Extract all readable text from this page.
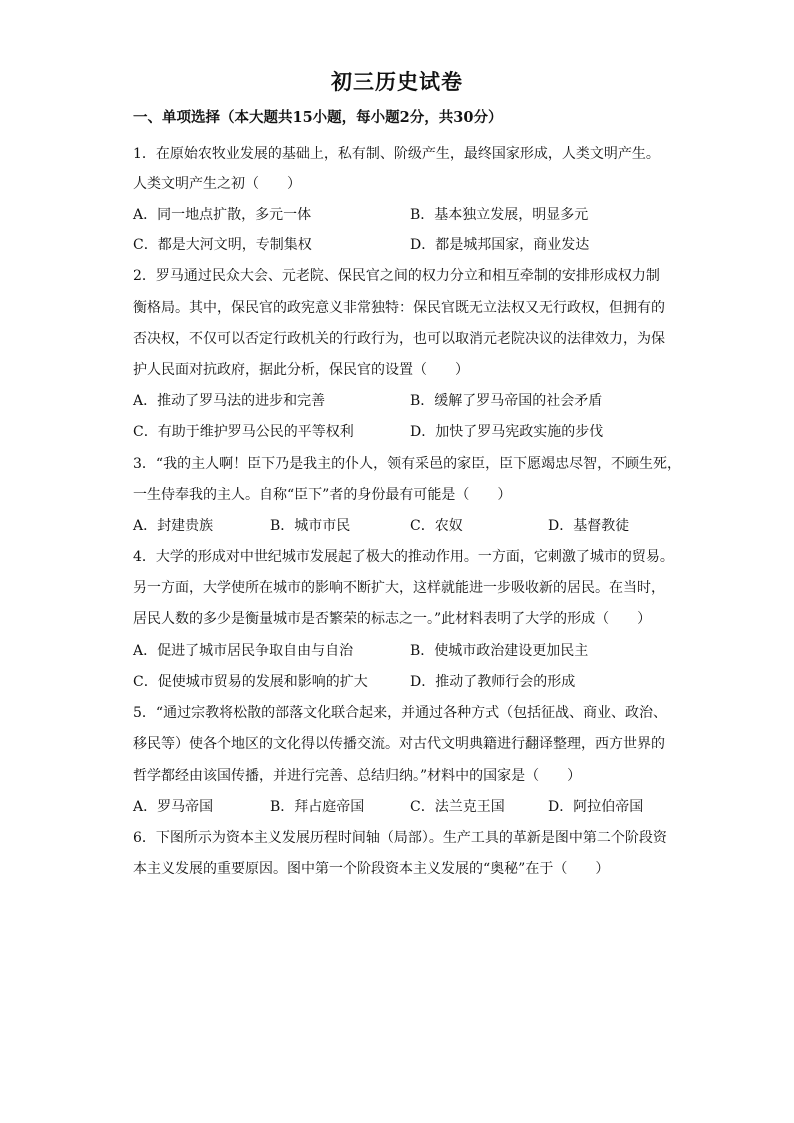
初三历史试卷
一、单项选择（本大题共15小题，每小题2分，共30分）
1．在原始农牧业发展的基础上，私有制、阶级产生，最终国家形成，人类文明产生。
人类文明产生之初（　　）
A．同一地点扩散，多元一体	B．基本独立发展，明显多元
C．都是大河文明，专制集权	D．都是城邦国家，商业发达
2．罗马通过民众大会、元老院、保民官之间的权力分立和相互牵制的安排形成权力制
衡格局。其中，保民官的政宪意义非常独特：保民官既无立法权又无行政权，但拥有的
否决权，不仅可以否定行政机关的行政行为，也可以取消元老院决议的法律效力，为保
护人民面对抗政府，据此分析，保民官的设置（　　）
A．推动了罗马法的进步和完善	B．缓解了罗马帝国的社会矛盾
C．有助于维护罗马公民的平等权利	D．加快了罗马宪政实施的步伐
3．“我的主人啊！臣下乃是我主的仆人，领有采邑的家臣，臣下愿竭忠尽智，不顾生死，
一生侍奉我的主人。自称“臣下”者的身份最有可能是（　　）
A．封建贵族	B．城市市民	C．农奴	D．基督教徒
4．大学的形成对中世纪城市发展起了极大的推动作用。一方面，它刺激了城市的贸易。
另一方面，大学使所在城市的影响不断扩大，这样就能进一步吸收新的居民。在当时，
居民人数的多少是衡量城市是否繁荣的标志之一。”此材料表明了大学的形成（　　）
A．促进了城市居民争取自由与自治	B．使城市政治建设更加民主
C．促使城市贸易的发展和影响的扩大	D．推动了教师行会的形成
5．“通过宗教将松散的部落文化联合起来，并通过各种方式（包括征战、商业、政治、
移民等）使各个地区的文化得以传播交流。对古代文明典籍进行翻译整理，西方世界的
哲学都经由该国传播，并进行完善、总结归纳。”材料中的国家是（　　）
A．罗马帝国	B．拜占庭帝国	C．法兰克王国	D．阿拉伯帝国
6．下图所示为资本主义发展历程时间轴（局部）。生产工具的革新是图中第二个阶段资
本主义发展的重要原因。图中第一个阶段资本主义发展的“奥秘”在于（　　）
